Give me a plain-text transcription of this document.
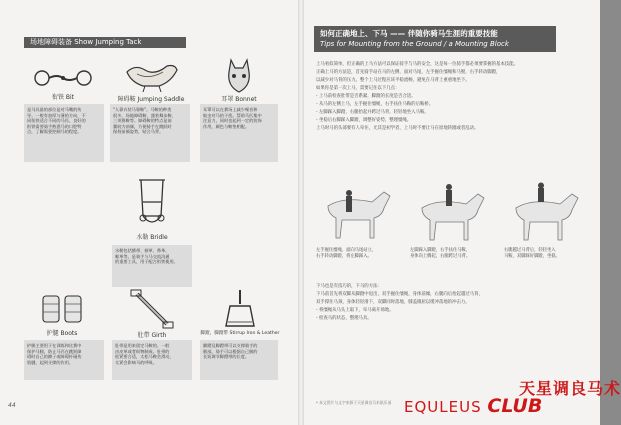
场地障碍装备 Show Jumping Tack
衔铁 Bit
是马具最的部位是对马嘴的传
导。一般有加厚与薄的方向，不
同衔铁适合不同的马匹，良好的
衔铁需要骑手熟悉马的口腔特
点，了解需要控制马的程度。
障碍鞍 Jumping Saddle
"人靠衣装马靠鞍"。马鞍的种类
很多，场地障碍鞍、盛装舞步鞍、
三项赛鞍等。障碍鞍的特点是前
翼较为前倾，方便骑手在跳跃时
保持前倾姿势，贴合马背。
耳罩 Bonnet
耳罩可以在赛场上减少噪音和
蚊虫对马的干扰。帮助马匹集中
注意力，同时也起到一定的装饰
作用，颜色与鞍垫相配。
水勒 Bridle
水勒包括额带、颊革、鼻革、
喉革等，是骑手与马交流沟通
的重要工具，用于配合衔铁使用。
护腿 Boots
护腿主要用于在训练和比赛中
保护马腿，防止马匹在跳跃障
碍时自己的蹄子或障碍杆碰伤
肌腱，起到支撑的作用。
肚带 Girth
肚带是用来固定马鞍的，一般
由皮革或者织物制成。肚带的
松紧要合适，太松马鞍会滑动，
太紧会影响马的呼吸。
脚蹬，脚蹬带 Stirrup Iron & Leather
脚蹬及脚蹬带可以支撑骑手的
腿部，骑手可以根据自己腿的
长短调节脚蹬带的长度。
44
如何正确地上、下马 —— 伴随你骑马生涯的重要技能
Tips for Mounting from the Ground / a Mounting Block

上马看似简单，但正确的上马方法可以保证骑手与马的安全，这是每一位骑手都必须要掌握的基本技能。

正确上马的方法是，首先骑手站在马的左侧，面对马尾，左手握住缰绳和马鬃，右手转动脚蹬，

以减少对马背的压力。整个上马过程应该平稳流畅，避免在马背上重重地坐下。

如果你是第一次上马，需要记住以下几点：

- 上马前检查肚带是否系紧，脚蹬的长度是否合适。

- 从马的左侧上马，左手握住缰绳，右手扶住马鞍的后鞍桥。

- 左脚踩入脚蹬，右腿抬起并跨过马背，轻轻地坐入马鞍。

- 坐稳后右脚踩入脚蹬，调整好姿势，整理缰绳。

上马时马的头部要有人牵住，尤其是初学者，上马时不要让马在原地转圈或者乱动。

左手握住缰绳，面向马尾站立，
右手转动脚蹬，将左脚踩入。
左脚踩入脚蹬，右手扶住马鞍，
身体向上腾起，右腿跨过马背。
右腿越过马背后，轻轻坐入
马鞍，双脚踩好脚蹬，坐稳。

下马也是有技巧的，下马的方法：

下马前首先将双脚从脚蹬中退出，双手握住缰绳，身体前倾，右腿向后抬起越过马背，

双手撑住马颈，身体轻轻滑下，双脚同时落地，膝盖微屈以缓冲落地的冲击力。

- 将缰绳从马头上取下，牵马离开场地。

- 检查马的状态，整理马具。

* 本文图片与文字来源于天星调良马术俱乐部
天星调良马术
EQULEUS CLUB
